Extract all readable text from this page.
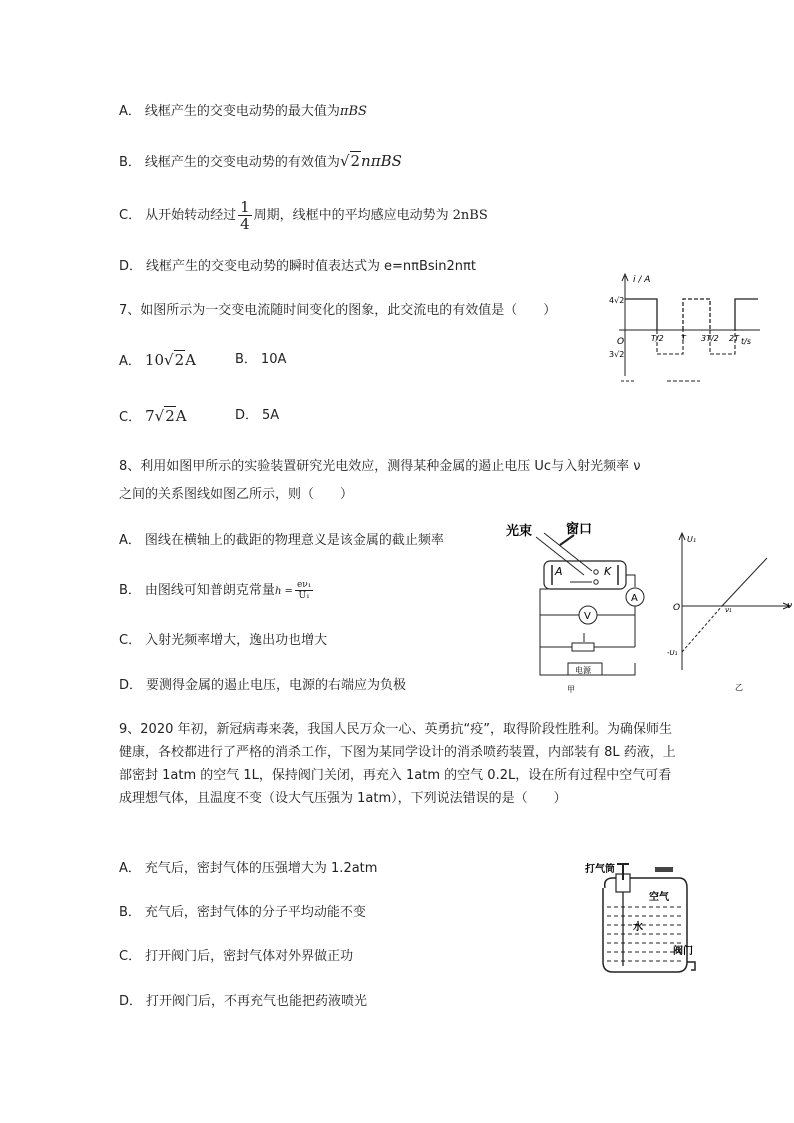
A． 线框产生的交变电动势的最大值为πBS
B． 线框产生的交变电动势的有效值为√2nπBS
C． 从开始转动经过 $\frac{1}{4}$ 周期，线框中的平均感应电动势为 2nBS
D． 线框产生的交变电动势的瞬时值表达式为 e=nπBsin2nπt
7、如图所示为一交变电流随时间变化的图象，此交流电的有效值是（　　）
A． 10√2A	B． 10A
C． 7√2A	D． 5A
i / A
t/s
O
4√2
3√2
T/2 T 3T/2 2T
8、利用如图甲所示的实验装置研究光电效应，测得某种金属的遏止电压 Uc与入射光频率 ν
之间的关系图线如图乙所示，则（　　）
A． 图线在横轴上的截距的物理意义是该金属的截止频率
B． 由图线可知普朗克常量$h = \frac{\text{eν₁}}{\text{U₁}}$
C． 入射光频率增大，逸出功也增大
D． 要测得金属的遏止电压，电源的右端应为负极
光束	窗口
A	K
A
V
电源
甲
U₁
ν
O	ν₁
-U₁
乙
9、2020 年初，新冠病毒来袭，我国人民万众一心、英勇抗“疫”，取得阶段性胜利。为确保师生健康，各校都进行了严格的消杀工作，下图为某同学设计的消杀喷药装置，内部装有 8L 药液，上部密封 1atm 的空气 1L，保持阀门关闭，再充入 1atm 的空气 0.2L，设在所有过程中空气可看成理想气体，且温度不变（设大气压强为 1atm），下列说法错误的是（　　）
A． 充气后，密封气体的压强增大为 1.2atm
B． 充气后，密封气体的分子平均动能不变
C． 打开阀门后，密封气体对外界做正功
D． 打开阀门后，不再充气也能把药液喷光
打气筒
空气
水
阀门
